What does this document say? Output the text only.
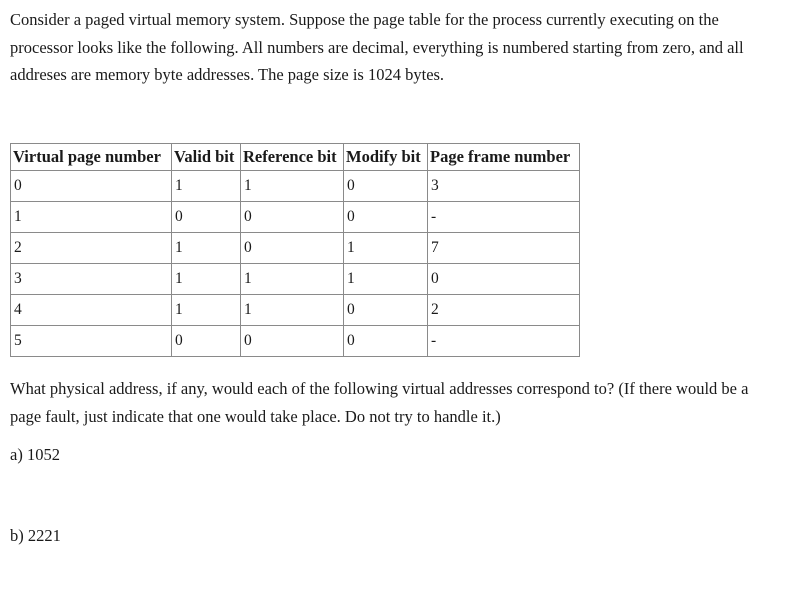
Consider a paged virtual memory system. Suppose the page table for the process currently executing on the processor looks like the following. All numbers are decimal, everything is numbered starting from zero, and all addreses are memory byte addresses. The page size is 1024 bytes.

Virtual page number	Valid bit	Reference bit	Modify bit	Page frame number
0	1	1	0	3
1	0	0	0	-
2	1	0	1	7
3	1	1	1	0
4	1	1	0	2
5	0	0	0	-

What physical address, if any, would each of the following virtual addresses correspond to? (If there would be a page fault, just indicate that one would take place. Do not try to handle it.)

a) 1052

b) 2221
